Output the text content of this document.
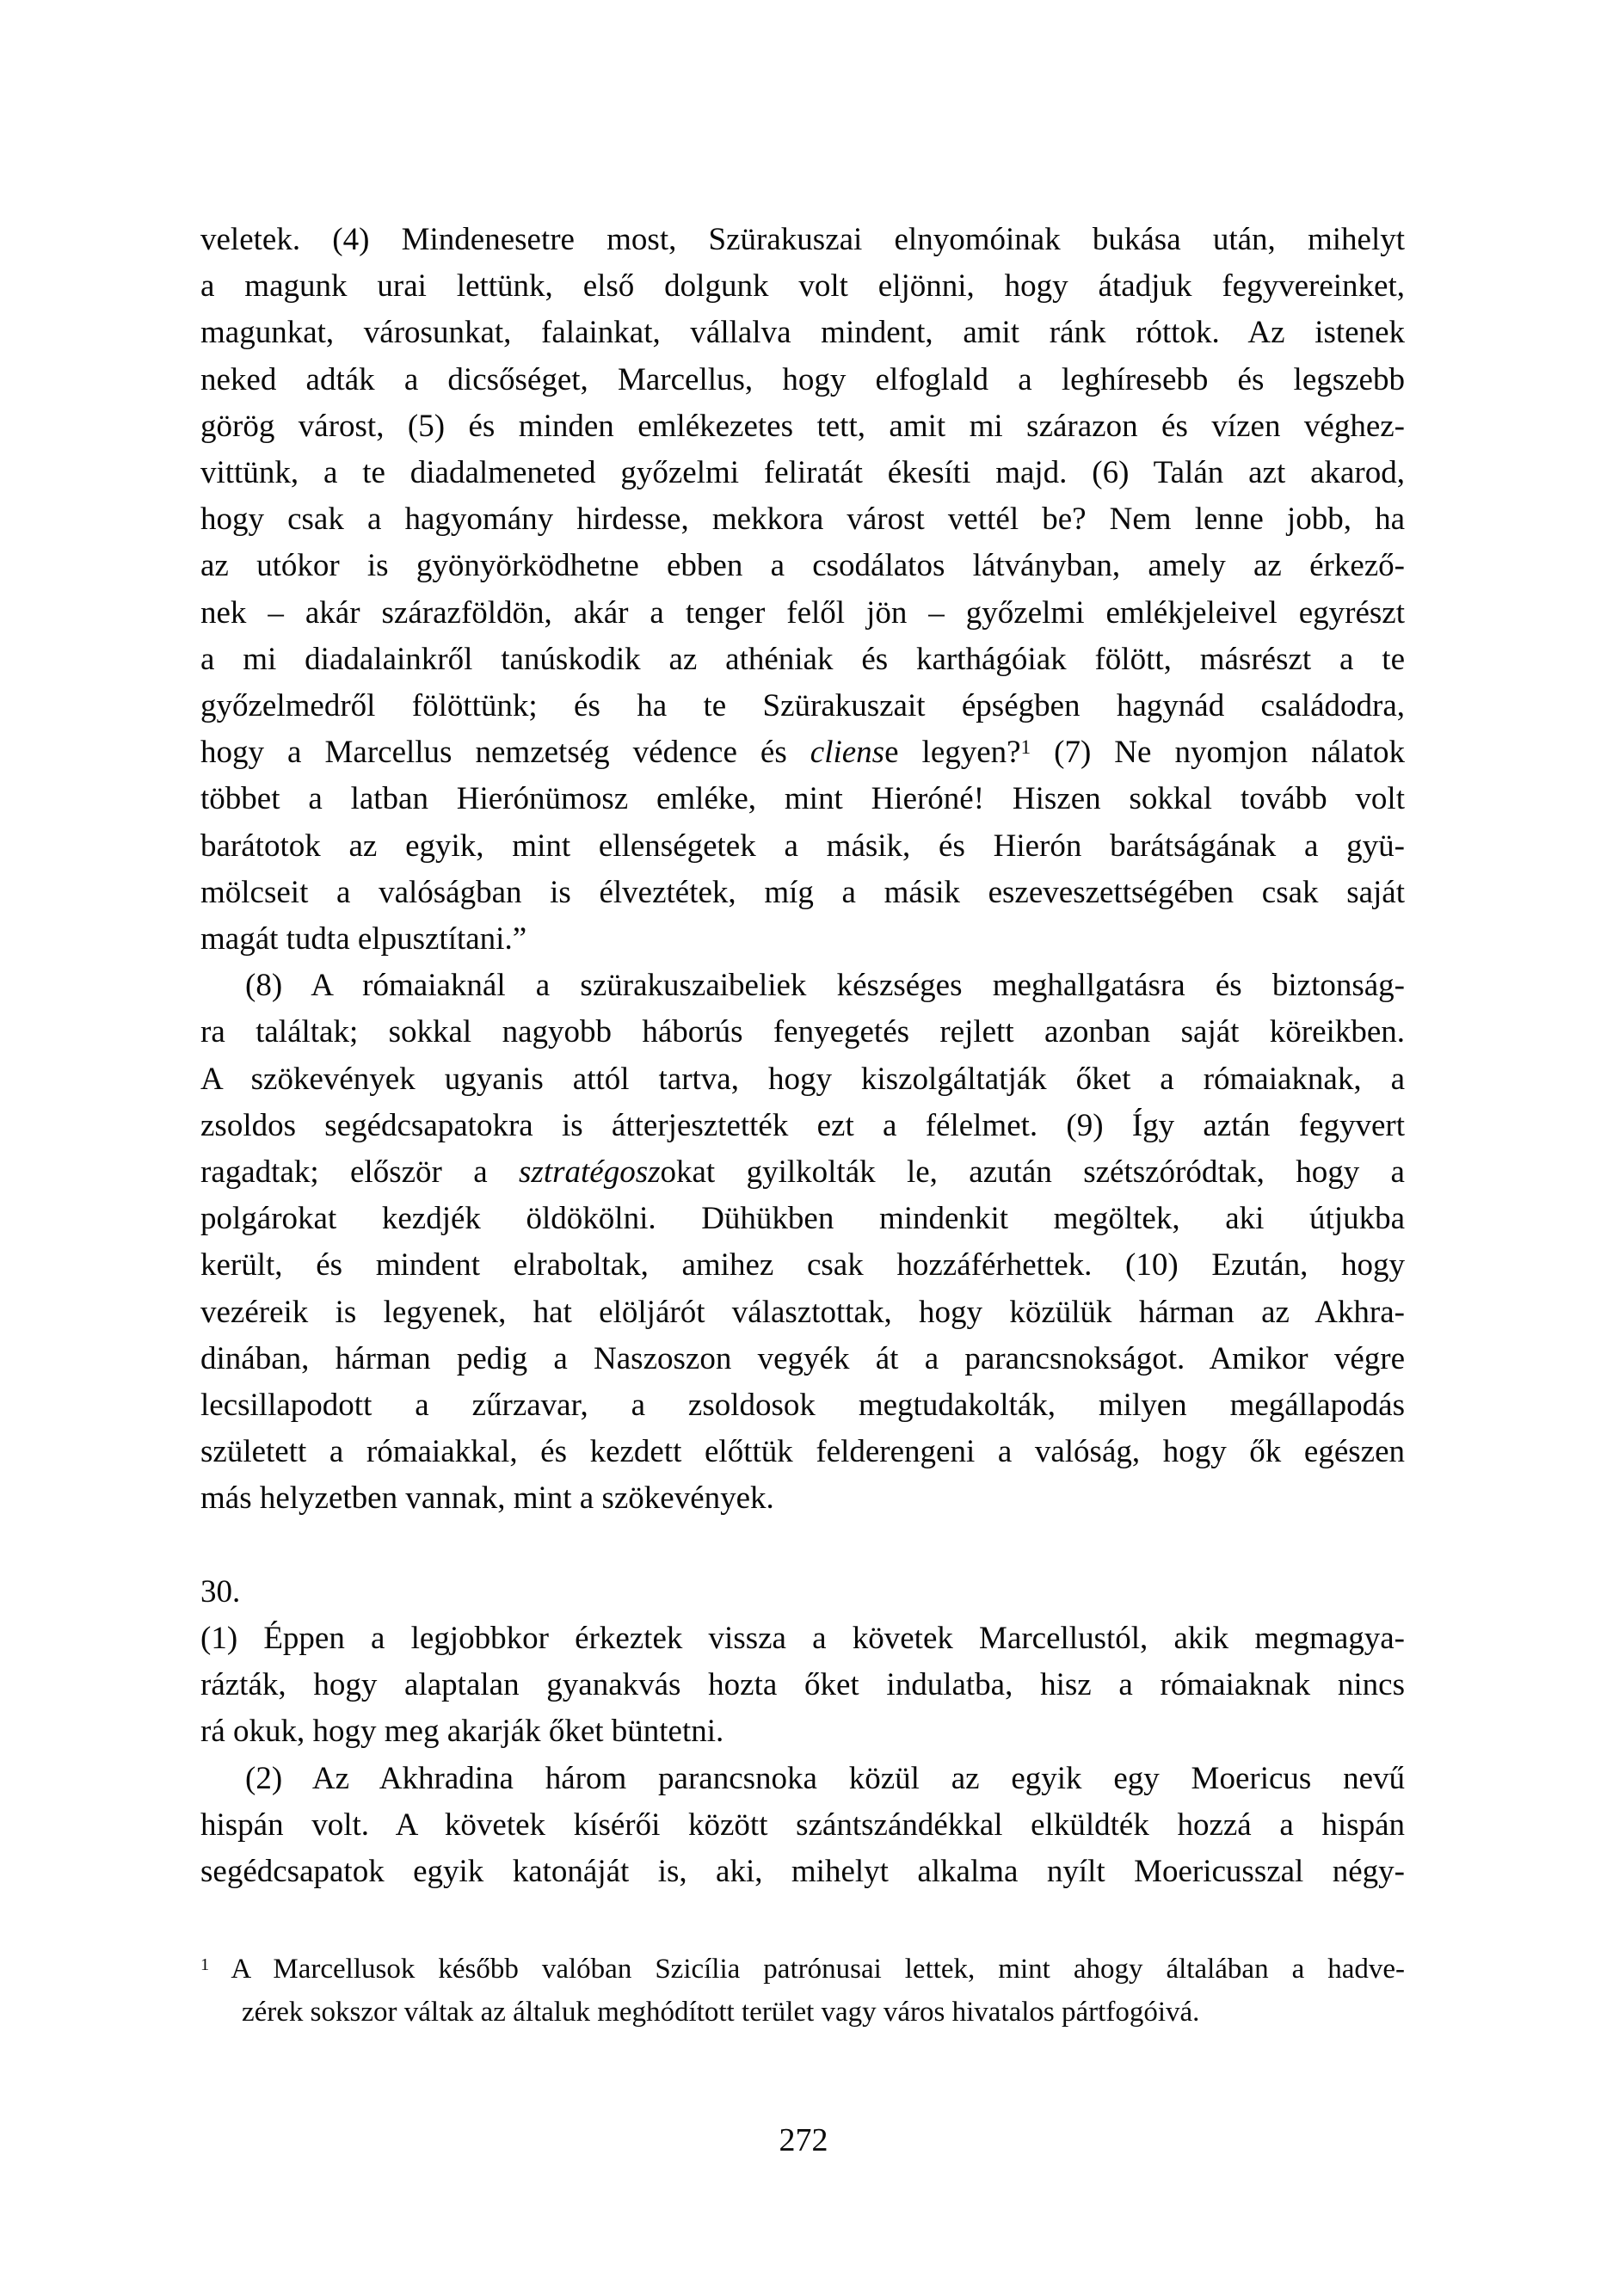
veletek. (4) Mindenesetre most, Szürakuszai elnyomóinak bukása után, mihelyt
a magunk urai lettünk, első dolgunk volt eljönni, hogy átadjuk fegyvereinket,
magunkat, városunkat, falainkat, vállalva mindent, amit ránk róttok. Az istenek
neked adták a dicsőséget, Marcellus, hogy elfoglald a leghíresebb és legszebb
görög várost, (5) és minden emlékezetes tett, amit mi szárazon és vízen véghez-
vittünk, a te diadalmeneted győzelmi feliratát ékesíti majd. (6) Talán azt akarod,
hogy csak a hagyomány hirdesse, mekkora várost vettél be? Nem lenne jobb, ha
az utókor is gyönyörködhetne ebben a csodálatos látványban, amely az érkező-
nek – akár szárazföldön, akár a tenger felől jön – győzelmi emlékjeleivel egyrészt
a mi diadalainkről tanúskodik az athéniak és karthágóiak fölött, másrészt a te
győzelmedről fölöttünk; és ha te Szürakuszait épségben hagynád családodra,
hogy a Marcellus nemzetség védence és cliense legyen?$^1$ (7) Ne nyomjon nálatok
többet a latban Hierónümosz emléke, mint Hieróné! Hiszen sokkal tovább volt
barátotok az egyik, mint ellenségetek a másik, és Hierón barátságának a gyü-
mölcseit a valóságban is élveztétek, míg a másik eszeveszettségében csak saját
magát tudta elpusztítani.”
(8) A rómaiaknál a szürakuszaibeliek készséges meghallgatásra és biztonság-
ra találtak; sokkal nagyobb háborús fenyegetés rejlett azonban saját köreikben.
A szökevények ugyanis attól tartva, hogy kiszolgáltatják őket a rómaiaknak, a
zsoldos segédcsapatokra is átterjesztették ezt a félelmet. (9) Így aztán fegyvert
ragadtak; először a sztratégoszokat gyilkolták le, azután szétszóródtak, hogy a
polgárokat kezdjék öldökölni. Dühükben mindenkit megöltek, aki útjukba
került, és mindent elraboltak, amihez csak hozzáférhettek. (10) Ezután, hogy
vezéreik is legyenek, hat elöljárót választottak, hogy közülük hárman az Akhra-
dinában, hárman pedig a Naszoszon vegyék át a parancsnokságot. Amikor végre
lecsillapodott a zűrzavar, a zsoldosok megtudakolták, milyen megállapodás
született a rómaiakkal, és kezdett előttük felderengeni a valóság, hogy ők egészen
más helyzetben vannak, mint a szökevények.
30.
(1) Éppen a legjobbkor érkeztek vissza a követek Marcellustól, akik megmagya-
rázták, hogy alaptalan gyanakvás hozta őket indulatba, hisz a rómaiaknak nincs
rá okuk, hogy meg akarják őket büntetni.
(2) Az Akhradina három parancsnoka közül az egyik egy Moericus nevű
hispán volt. A követek kísérői között szántszándékkal elküldték hozzá a hispán
segédcsapatok egyik katonáját is, aki, mihelyt alkalma nyílt Moericusszal négy-
$^1$ A Marcellusok később valóban Szicília patrónusai lettek, mint ahogy általában a hadve-
zérek sokszor váltak az általuk meghódított terület vagy város hivatalos pártfogóivá.
272
